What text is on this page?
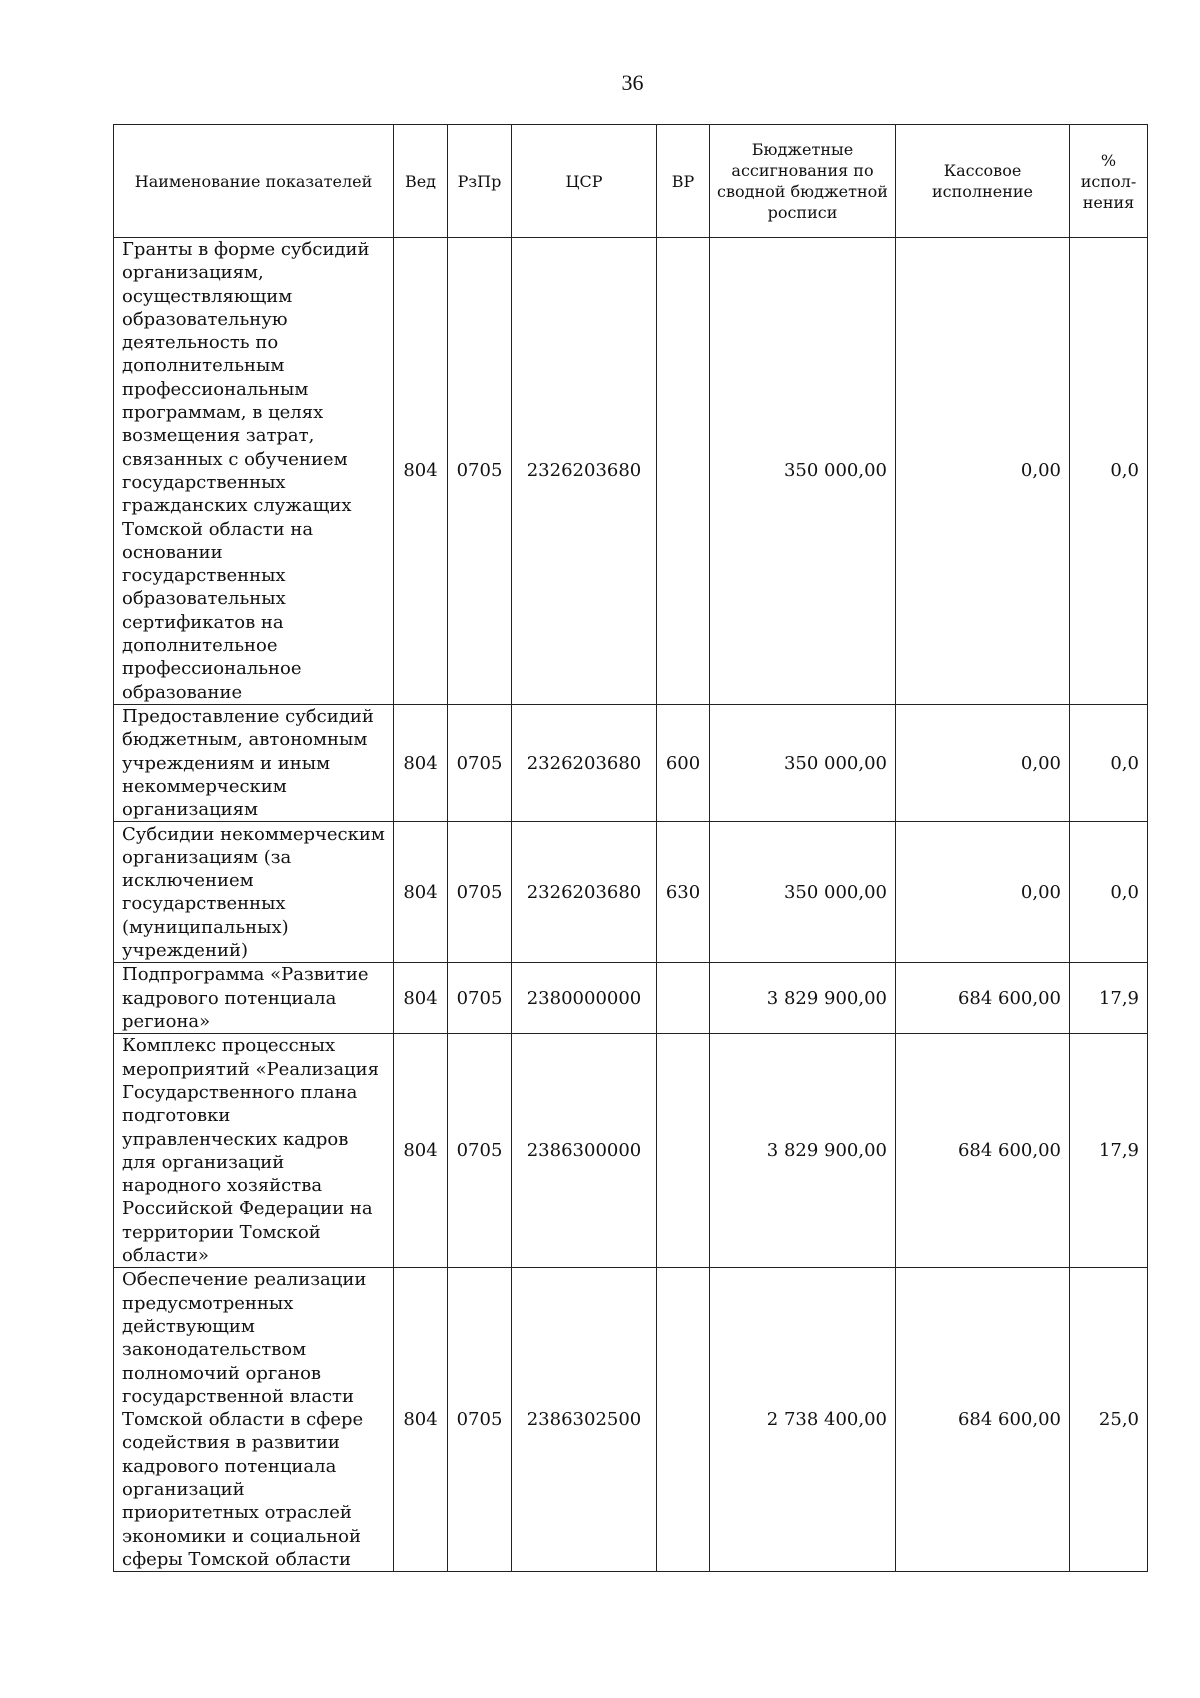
36
Наименование показателей	Вед	РзПр	ЦСР	ВР	Бюджетные ассигнования по сводной бюджетной росписи	Кассовое исполнение	% испол-нения
Гранты в форме субсидий организациям, осуществляющим образовательную деятельность по дополнительным профессиональным программам, в целях возмещения затрат, связанных с обучением государственных гражданских служащих Томской области на основании государственных образовательных сертификатов на дополнительное профессиональное образование	804	0705	2326203680		350 000,00	0,00	0,0
Предоставление субсидий бюджетным, автономным учреждениям и иным некоммерческим организациям	804	0705	2326203680	600	350 000,00	0,00	0,0
Субсидии некоммерческим организациям (за исключением государственных (муниципальных) учреждений)	804	0705	2326203680	630	350 000,00	0,00	0,0
Подпрограмма «Развитие кадрового потенциала региона»	804	0705	2380000000		3 829 900,00	684 600,00	17,9
Комплекс процессных мероприятий «Реализация Государственного плана подготовки управленческих кадров для организаций народного хозяйства Российской Федерации на территории Томской области»	804	0705	2386300000		3 829 900,00	684 600,00	17,9
Обеспечение реализации предусмотренных действующим законодательством полномочий органов государственной власти Томской области в сфере содействия в развитии кадрового потенциала организаций приоритетных отраслей экономики и социальной сферы Томской области	804	0705	2386302500		2 738 400,00	684 600,00	25,0
